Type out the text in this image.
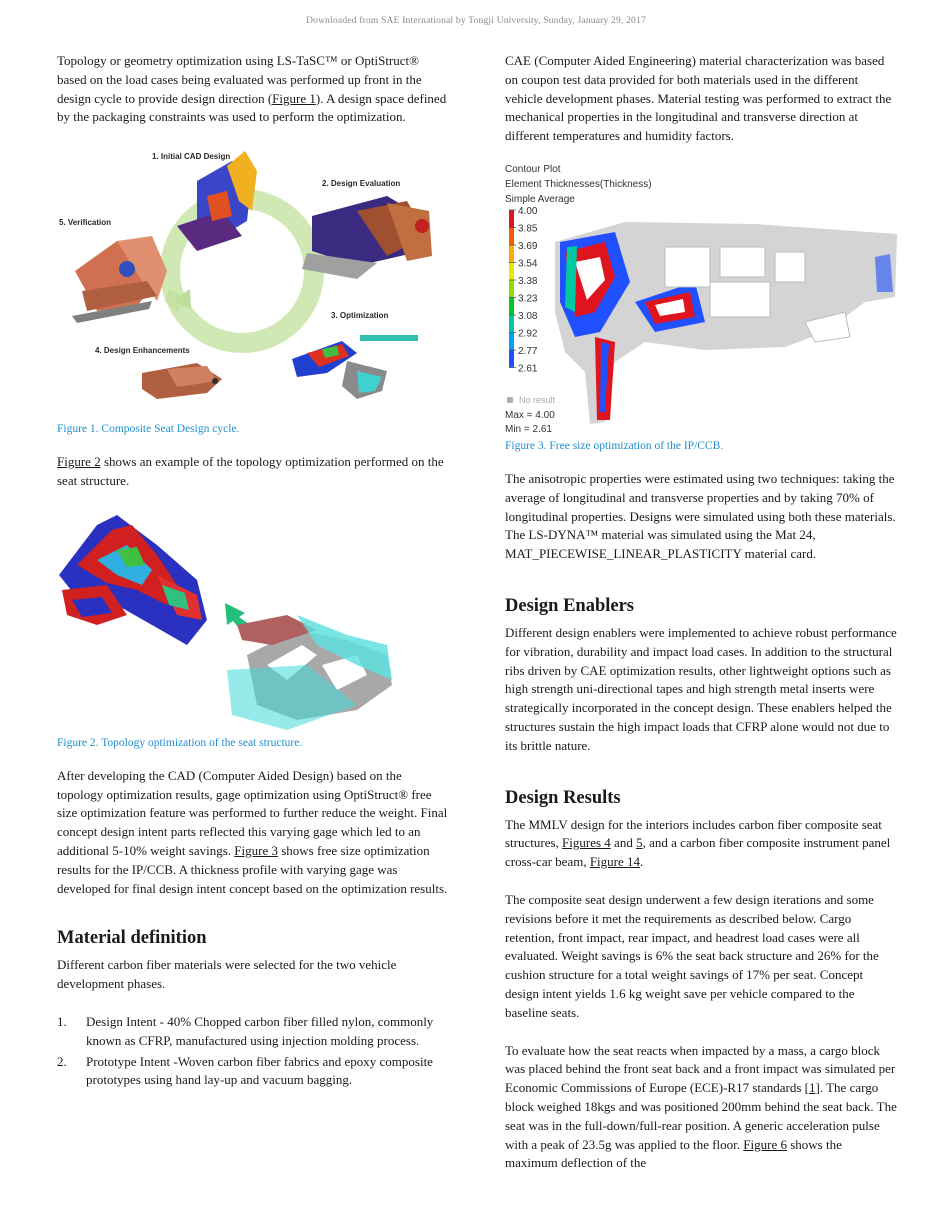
Downloaded from SAE International by Tongji University, Sunday, January 29, 2017

Topology or geometry optimization using LS-TaSC™ or OptiStruct® based on the load cases being evaluated was performed up front in the design cycle to provide design direction (Figure 1). A design space defined by the packaging constraints was used to perform the optimization.

1. Initial CAD Design
2. Design Evaluation
5. Verification
3. Optimization
4. Design Enhancements

Figure 1. Composite Seat Design cycle.

Figure 2 shows an example of the topology optimization performed on the seat structure.

Figure 2. Topology optimization of the seat structure.

After developing the CAD (Computer Aided Design) based on the topology optimization results, gage optimization using OptiStruct® free size optimization feature was performed to further reduce the weight. Final concept design intent parts reflected this varying gage which led to an additional 5-10% weight savings. Figure 3 shows free size optimization results for the IP/CCB. A thickness profile with varying gage was developed for final design intent concept based on the optimization results.

Material definition

Different carbon fiber materials were selected for the two vehicle development phases.

1. Design Intent - 40% Chopped carbon fiber filled nylon, commonly known as CFRP, manufactured using injection molding process.
2. Prototype Intent -Woven carbon fiber fabrics and epoxy composite prototypes using hand lay-up and vacuum bagging.

CAE (Computer Aided Engineering) material characterization was based on coupon test data provided for both materials used in the different vehicle development phases. Material testing was performed to extract the mechanical properties in the longitudinal and transverse direction at different temperatures and humidity factors.

Contour Plot
Element Thicknesses(Thickness)
Simple Average
4.00
3.85
3.69
3.54
3.38
3.23
3.08
2.92
2.77
2.61
No result
Max = 4.00
Min = 2.61

Figure 3. Free size optimization of the IP/CCB.

The anisotropic properties were estimated using two techniques: taking the average of longitudinal and transverse properties and by taking 70% of longitudinal properties. Designs were simulated using both these materials. The LS-DYNA™ material was simulated using the Mat 24, MAT_PIECEWISE_LINEAR_PLASTICITY material card.

Design Enablers

Different design enablers were implemented to achieve robust performance for vibration, durability and impact load cases. In addition to the structural ribs driven by CAE optimization results, other lightweight options such as high strength uni-directional tapes and high strength metal inserts were strategically incorporated in the concept design. These enablers helped the structures sustain the high impact loads that CFRP alone would not due to its brittle nature.

Design Results

The MMLV design for the interiors includes carbon fiber composite seat structures, Figures 4 and 5, and a carbon fiber composite instrument panel cross-car beam, Figure 14.

The composite seat design underwent a few design iterations and some revisions before it met the requirements as described below. Cargo retention, front impact, rear impact, and headrest load cases were all evaluated. Weight savings is 6% the seat back structure and 26% for the cushion structure for a total weight savings of 17% per seat. Concept design intent yields 1.6 kg weight save per vehicle compared to the baseline seats.

To evaluate how the seat reacts when impacted by a mass, a cargo block was placed behind the front seat back and a front impact was simulated per Economic Commissions of Europe (ECE)-R17 standards [1]. The cargo block weighed 18kgs and was positioned 200mm behind the seat back. The seat was in the full-down/full-rear position. A generic acceleration pulse with a peak of 23.5g was applied to the floor. Figure 6 shows the maximum deflection of the
